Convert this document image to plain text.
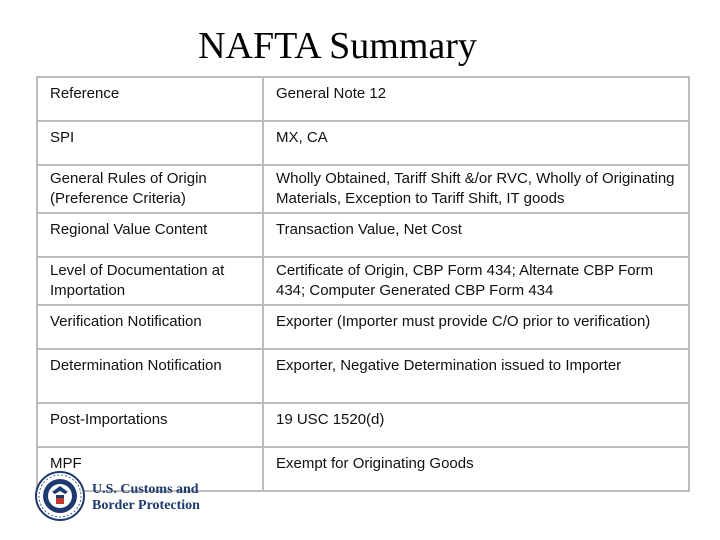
NAFTA Summary
Reference	General Note 12
SPI	MX, CA
General Rules of Origin (Preference Criteria)	Wholly Obtained, Tariff Shift &/or RVC, Wholly of Originating Materials, Exception to Tariff Shift, IT goods
Regional Value Content	Transaction Value, Net Cost
Level of Documentation at Importation	Certificate of Origin, CBP Form 434; Alternate CBP Form 434; Computer Generated CBP Form 434
Verification Notification	Exporter (Importer must provide C/O prior to verification)
Determination Notification	Exporter, Negative Determination issued to Importer
Post-Importations	19 USC 1520(d)
MPF	Exempt for Originating Goods
U.S. Customs and
Border Protection
